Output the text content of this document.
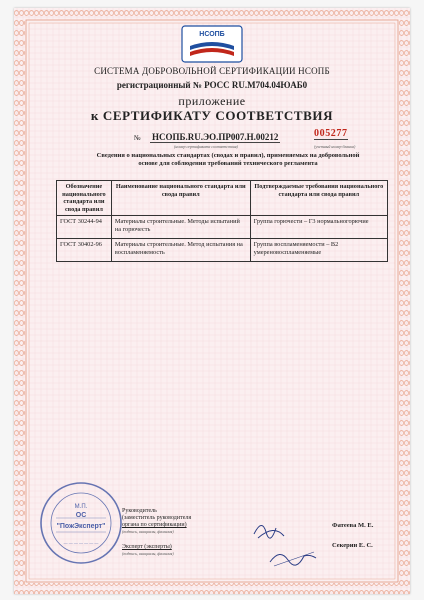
НСОПБ

СИСТЕМА ДОБРОВОЛЬНОЙ СЕРТИФИКАЦИИ НСОПБ

регистрационный № РОСС RU.M704.04ЮАБ0

приложение

к СЕРТИФИКАТУ СООТВЕТСТВИЯ

№ НСОПБ.RU.ЭО.ПР007.Н.00212
(номер сертификата соответствия)
005277
(учетный номер бланка)
Сведения о национальных стандартах (сводах и правил), применяемых на добровольной основе для соблюдения требований технического регламента
Обозначение национального стандарта или свода правил	Наименование национального стандарта или свода правил	Подтверждаемые требования национального стандарта или свода правил
ГОСТ 30244-94	Материалы строительные. Методы испытаний на горючесть	Группа горючести – Г3 нормальногорючие
ГОСТ 30402-96	Материалы строительные. Метод испытания на воспламеняемость	Группа воспламеняемости – В2 умереновоспламеняемые
М.П.
ОС
"ПожЭксперт"
— — — — — — —
Руководитель
(заместитель руководителя
органа по сертификации)
(подпись, инициалы, фамилия)
Эксперт (эксперты)
(подпись, инициалы, фамилия)
Фатеева М. Е.
Секерин Е. С.
